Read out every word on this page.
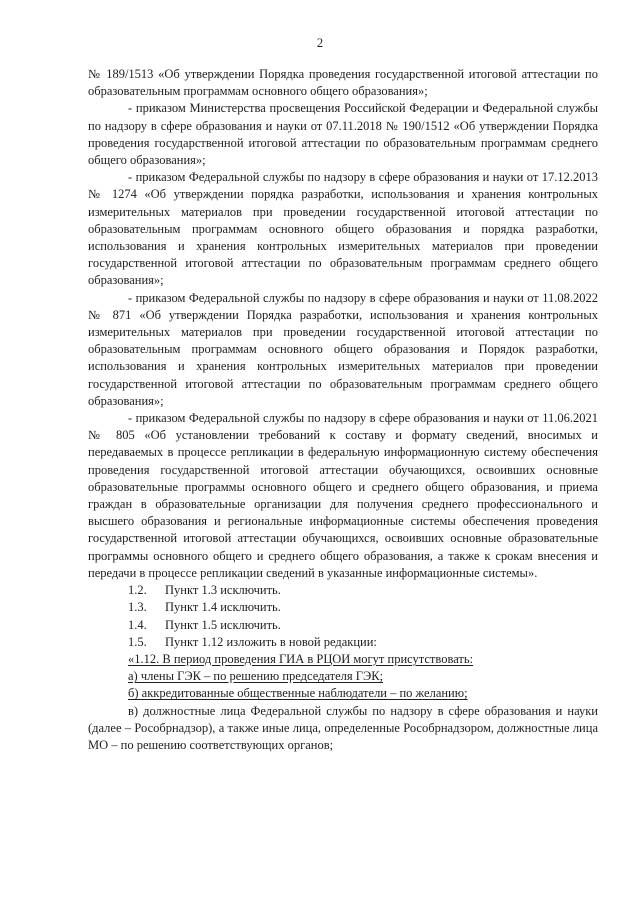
2

№ 189/1513 «Об утверждении Порядка проведения государственной итоговой аттестации по образовательным программам основного общего образования»;

- приказом Министерства просвещения Российской Федерации и Федеральной службы по надзору в сфере образования и науки от 07.11.2018 № 190/1512 «Об утверждении Порядка проведения государственной итоговой аттестации по образовательным программам среднего общего образования»;

- приказом Федеральной службы по надзору в сфере образования и науки от 17.12.2013 № 1274 «Об утверждении порядка разработки, использования и хранения контрольных измерительных материалов при проведении государственной итоговой аттестации по образовательным программам основного общего образования и порядка разработки, использования и хранения контрольных измерительных материалов при проведении государственной итоговой аттестации по образовательным программам среднего общего образования»;

- приказом Федеральной службы по надзору в сфере образования и науки от 11.08.2022 № 871 «Об утверждении Порядка разработки, использования и хранения контрольных измерительных материалов при проведении государственной итоговой аттестации по образовательным программам основного общего образования и Порядок разработки, использования и хранения контрольных измерительных материалов при проведении государственной итоговой аттестации по образовательным программам среднего общего образования»;

- приказом Федеральной службы по надзору в сфере образования и науки от 11.06.2021 № 805 «Об установлении требований к составу и формату сведений, вносимых и передаваемых в процессе репликации в федеральную информационную систему обеспечения проведения государственной итоговой аттестации обучающихся, освоивших основные образовательные программы основного общего и среднего общего образования, и приема граждан в образовательные организации для получения среднего профессионального и высшего образования и региональные информационные системы обеспечения проведения государственной итоговой аттестации обучающихся, освоивших основные образовательные программы основного общего и среднего общего образования, а также к срокам внесения и передачи в процессе репликации сведений в указанные информационные системы».

1.2. Пункт 1.3 исключить.

1.3. Пункт 1.4 исключить.

1.4. Пункт 1.5 исключить.

1.5. Пункт 1.12 изложить в новой редакции:

«1.12. В период проведения ГИА в РЦОИ могут присутствовать:

а) члены ГЭК – по решению председателя ГЭК;

б) аккредитованные общественные наблюдатели – по желанию;

в) должностные лица Федеральной службы по надзору в сфере образования и науки (далее – Рособрнадзор), а также иные лица, определенные Рособрнадзором, должностные лица МО – по решению соответствующих органов;
